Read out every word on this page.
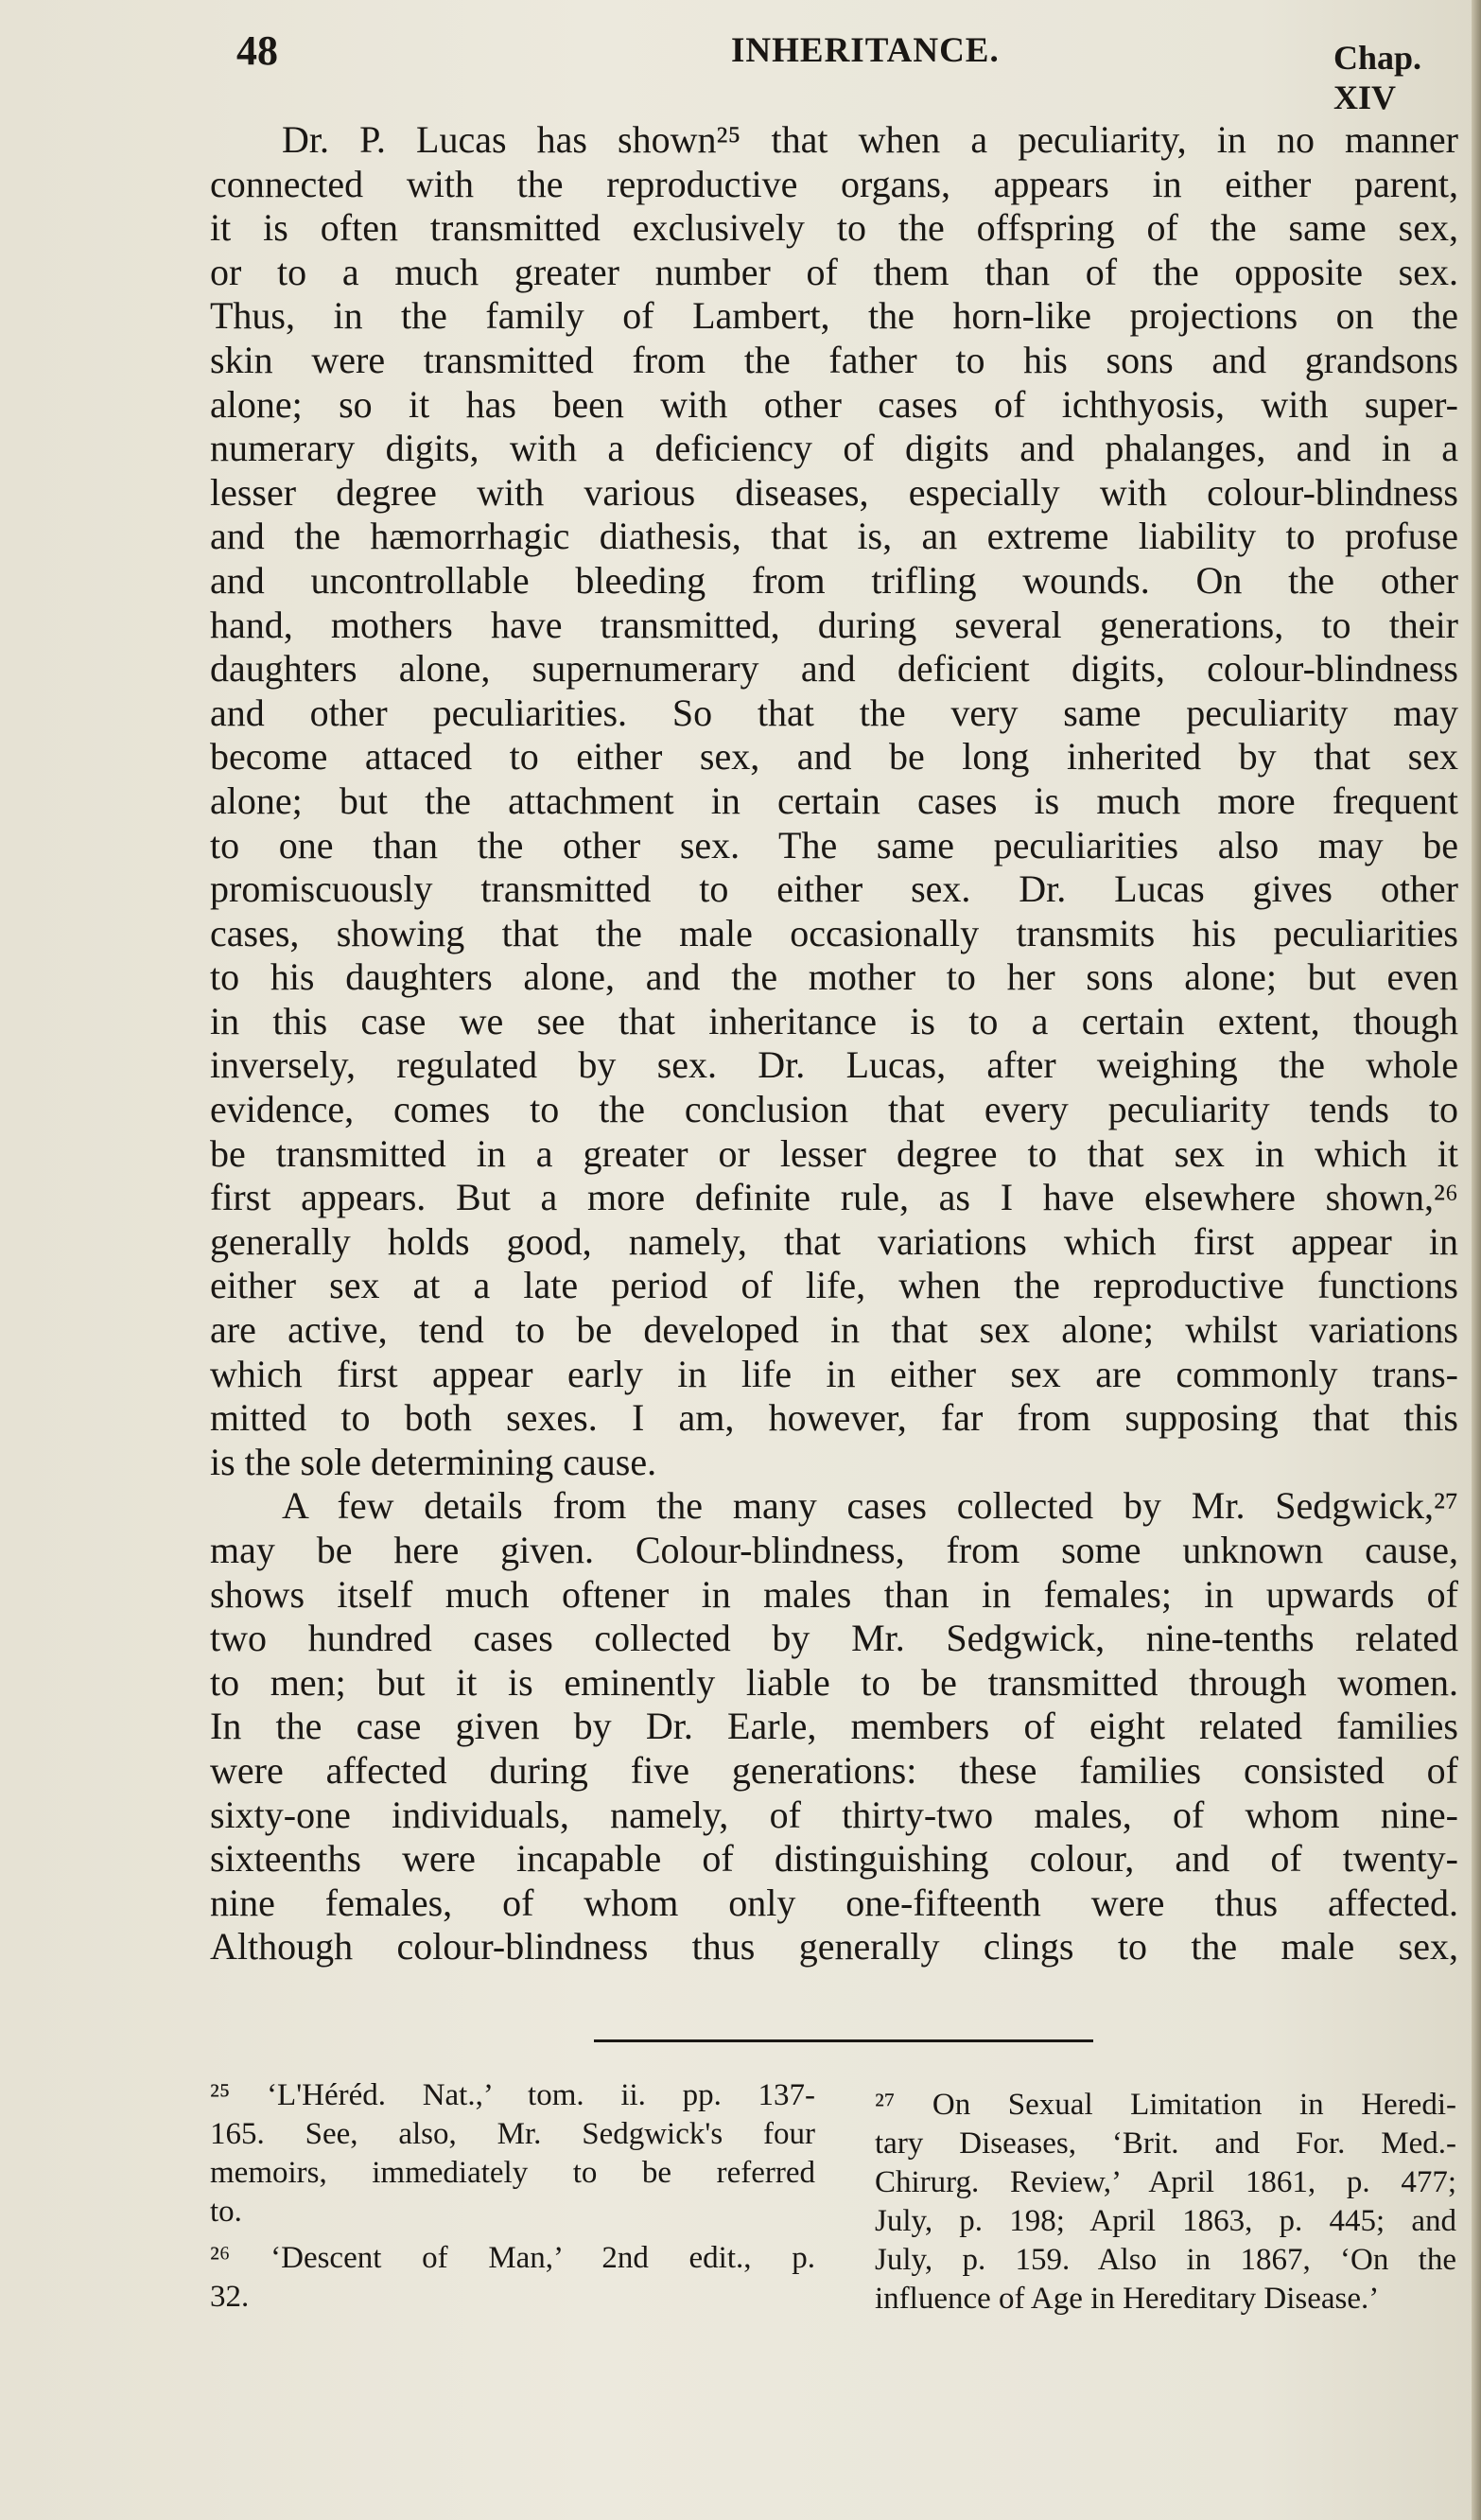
48	INHERITANCE.	Chap. XIV
Dr. P. Lucas has shown²⁵ that when a peculiarity, in no manner
connected with the reproductive organs, appears in either parent,
it is often transmitted exclusively to the offspring of the same sex,
or to a much greater number of them than of the opposite sex.
Thus, in the family of Lambert, the horn-like projections on the
skin were transmitted from the father to his sons and grandsons
alone; so it has been with other cases of ichthyosis, with super-
numerary digits, with a deficiency of digits and phalanges, and in a
lesser degree with various diseases, especially with colour-blindness
and the hæmorrhagic diathesis, that is, an extreme liability to profuse
and uncontrollable bleeding from trifling wounds. On the other
hand, mothers have transmitted, during several generations, to their
daughters alone, supernumerary and deficient digits, colour-blindness
and other peculiarities. So that the very same peculiarity may
become attaced to either sex, and be long inherited by that sex
alone; but the attachment in certain cases is much more frequent
to one than the other sex. The same peculiarities also may be
promiscuously transmitted to either sex. Dr. Lucas gives other
cases, showing that the male occasionally transmits his peculiarities
to his daughters alone, and the mother to her sons alone; but even
in this case we see that inheritance is to a certain extent, though
inversely, regulated by sex. Dr. Lucas, after weighing the whole
evidence, comes to the conclusion that every peculiarity tends to
be transmitted in a greater or lesser degree to that sex in which it
first appears. But a more definite rule, as I have elsewhere shown,²⁶
generally holds good, namely, that variations which first appear in
either sex at a late period of life, when the reproductive functions
are active, tend to be developed in that sex alone; whilst variations
which first appear early in life in either sex are commonly trans-
mitted to both sexes. I am, however, far from supposing that this
is the sole determining cause.
A few details from the many cases collected by Mr. Sedgwick,²⁷
may be here given. Colour-blindness, from some unknown cause,
shows itself much oftener in males than in females; in upwards of
two hundred cases collected by Mr. Sedgwick, nine-tenths related
to men; but it is eminently liable to be transmitted through women.
In the case given by Dr. Earle, members of eight related families
were affected during five generations: these families consisted of
sixty-one individuals, namely, of thirty-two males, of whom nine-
sixteenths were incapable of distinguishing colour, and of twenty-
nine females, of whom only one-fifteenth were thus affected.
Although colour-blindness thus generally clings to the male sex,
²⁵ ‘L'Héréd. Nat.,’ tom. ii. pp. 137-
165. See, also, Mr. Sedgwick's four
memoirs, immediately to be referred
to.
²⁶ ‘Descent of Man,’ 2nd edit., p.
32.
²⁷ On Sexual Limitation in Heredi-
tary Diseases, ‘Brit. and For. Med.-
Chirurg. Review,’ April 1861, p. 477;
July, p. 198; April 1863, p. 445; and
July, p. 159. Also in 1867, ‘On the
influence of Age in Hereditary Disease.’
